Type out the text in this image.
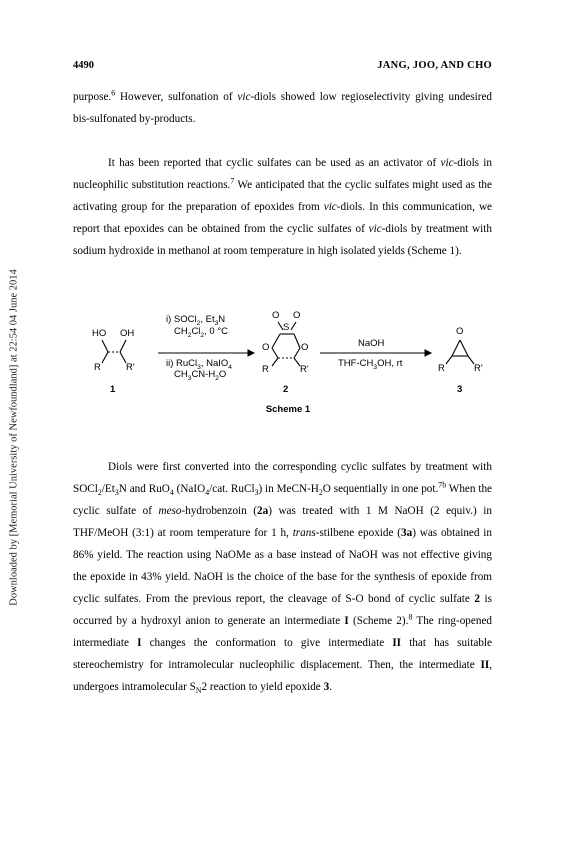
Downloaded by [Memorial University of Newfoundland] at 22:54 04 June 2014
4490	JANG, JOO, AND CHO

purpose.$^6$ However, sulfonation of vic-diols showed low regioselectivity giving undesired bis-sulfonated by-products.

It has been reported that cyclic sulfates can be used as an activator of vic-diols in nucleophilic substitution reactions.$^7$ We anticipated that the cyclic sulfates might used as the activating group for the preparation of epoxides from vic-diols. In this communication, we report that epoxides can be obtained from the cyclic sulfates of vic-diols by treatment with sodium hydroxide in methanol at room temperature in high isolated yields (Scheme 1).

HO OH
R	R'
1
i) SOCl$_2$, $Et_3N$
$CH_2Cl_2$, 0 °C
ii) RuCl$_3$, NaIO$_4$
$CH_3CN-H_2O$
O O
S
O	O
R	R'
2
NaOH
THF-$CH_3OH$, rt
O
R	R'
3
Scheme 1

Diols were first converted into the corresponding cyclic sulfates by treatment with $SOCl_2/Et_3N$ and RuO$_4$ (NaIO$_4$/cat. RuCl$_3$) in MeCN-$H_2O$ sequentially in one pot.$^{7b}$ When the cyclic sulfate of meso-hydrobenzoin (2a) was treated with 1 M NaOH (2 equiv.) in THF/MeOH (3:1) at room temperature for 1 h, trans-stilbene epoxide (3a) was obtained in 86% yield. The reaction using NaOMe as a base instead of NaOH was not effective giving the epoxide in 43% yield. NaOH is the choice of the base for the synthesis of epoxide from cyclic sulfates. From the previous report, the cleavage of S-O bond of cyclic sulfate 2 is occurred by a hydroxyl anion to generate an intermediate I (Scheme 2).$^8$ The ring-opened intermediate I changes the conformation to give intermediate II that has suitable stereochemistry for intramolecular nucleophilic displacement. Then, the intermediate II, undergoes intramolecular $S_N2$ reaction to yield epoxide 3.
